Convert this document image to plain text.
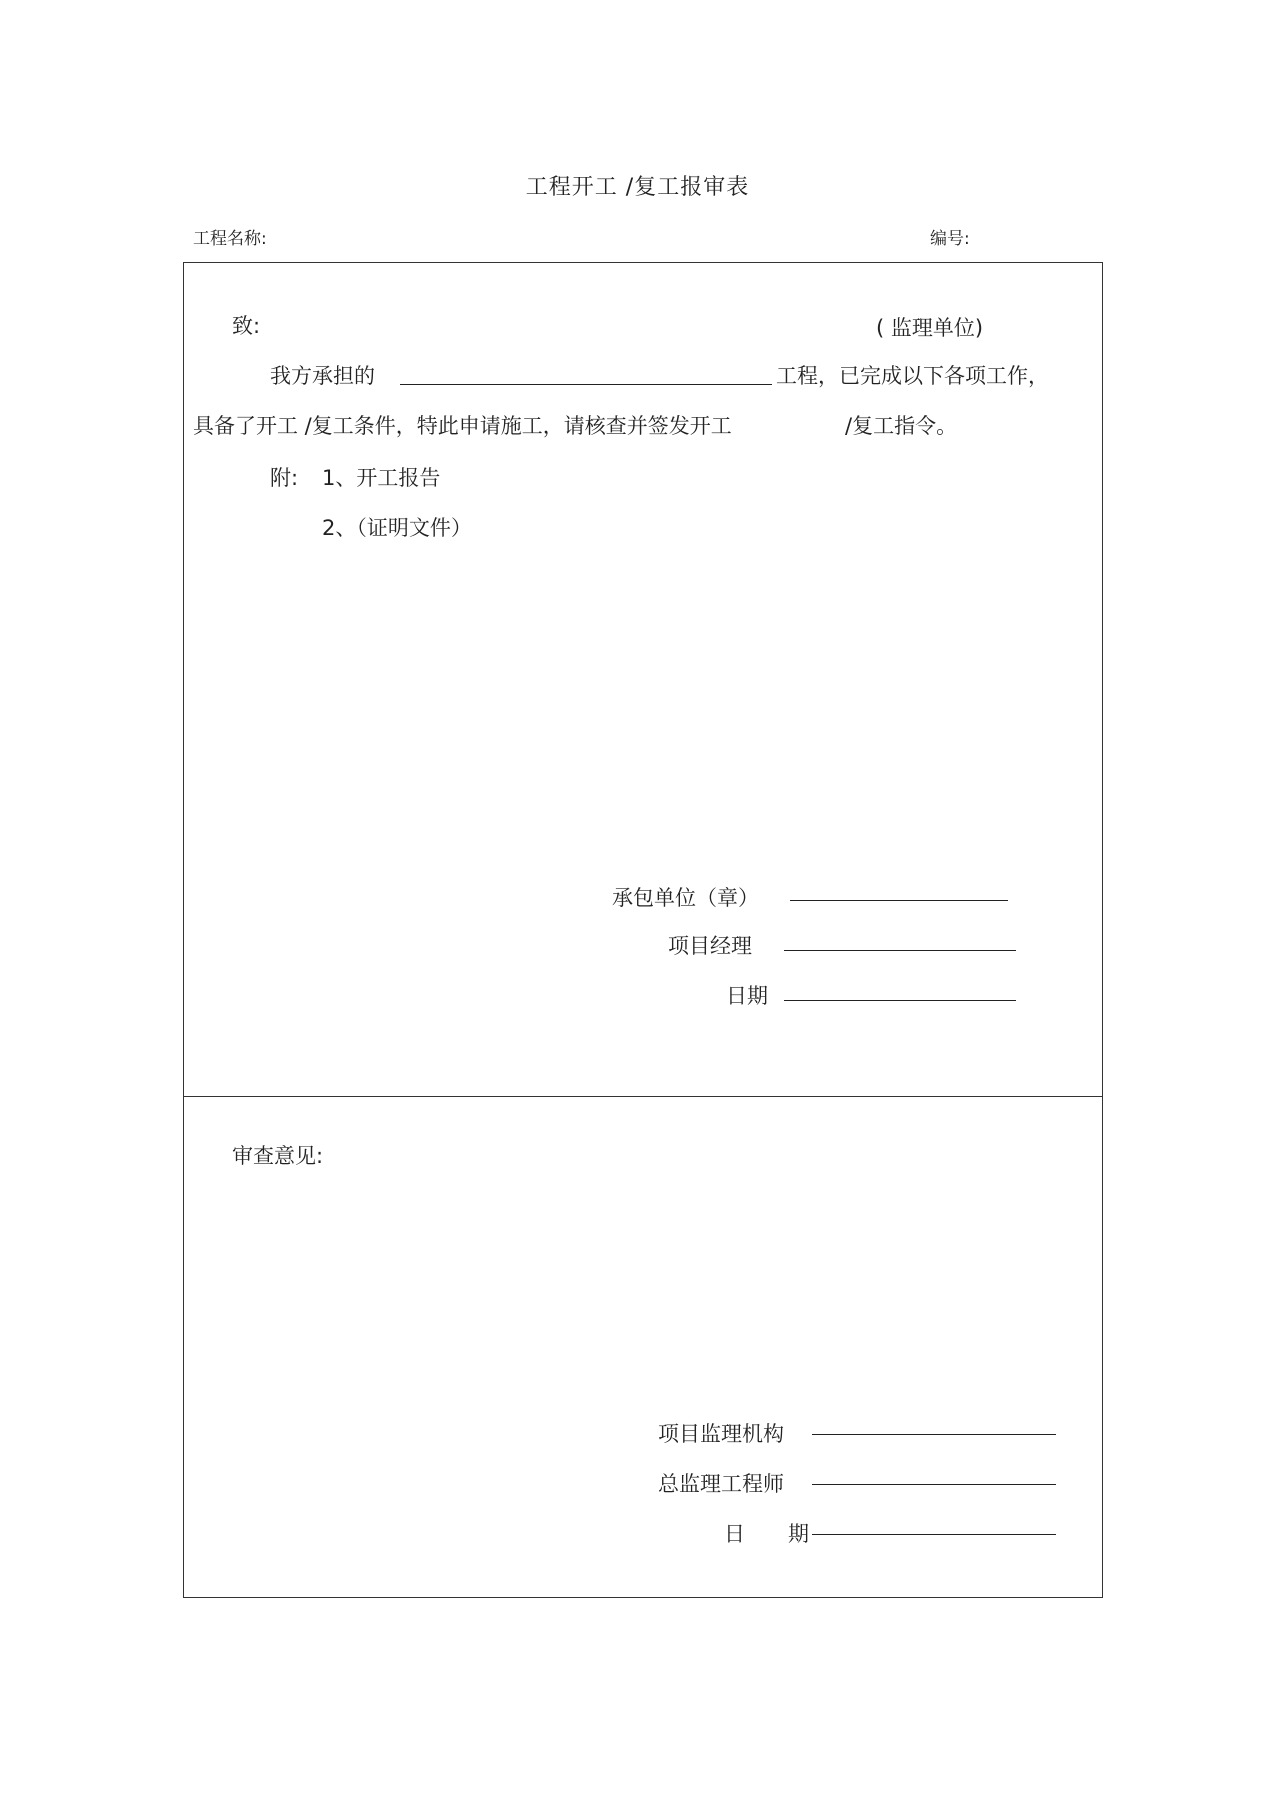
工程开工 /复工报审表
工程名称:	编号:
致:	( 监理单位)
我方承担的	工程，已完成以下各项工作，
具备了开工 /复工条件，特此申请施工，请核查并签发开工	/复工指令。
附: 1、开工报告
2、（证明文件）
承包单位（章）
项目经理
日期
审查意见:
项目监理机构
总监理工程师
日 期
